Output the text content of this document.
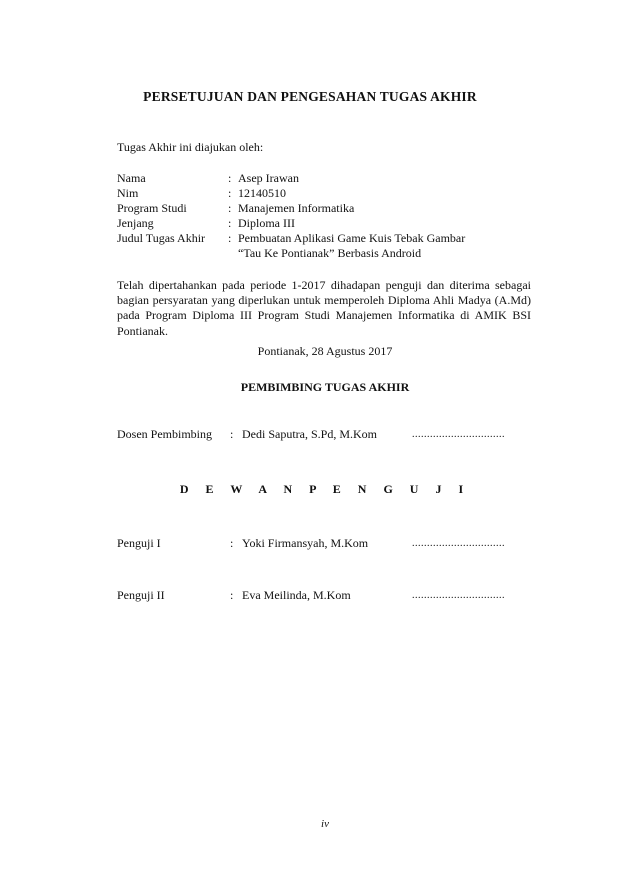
PERSETUJUAN DAN PENGESAHAN TUGAS AKHIR
Tugas Akhir ini diajukan oleh:
Nama	: Asep Irawan
Nim	: 12140510
Program Studi	: Manajemen Informatika
Jenjang	: Diploma III
Judul Tugas Akhir : Pembuatan Aplikasi Game Kuis Tebak Gambar
“Tau Ke Pontianak” Berbasis Android
Telah dipertahankan pada periode 1-2017 dihadapan penguji dan diterima sebagai bagian persyaratan yang diperlukan untuk memperoleh Diploma Ahli Madya (A.Md) pada Program Diploma III Program Studi Manajemen Informatika di AMIK BSI Pontianak.
Pontianak, 28 Agustus 2017
PEMBIMBING TUGAS AKHIR
Dosen Pembimbing : Dedi Saputra, S.Pd, M.Kom	...............................
D E W A N P E N G U J I
Penguji I	: Yoki Firmansyah, M.Kom	...............................
Penguji II	: Eva Meilinda, M.Kom	...............................
iv
